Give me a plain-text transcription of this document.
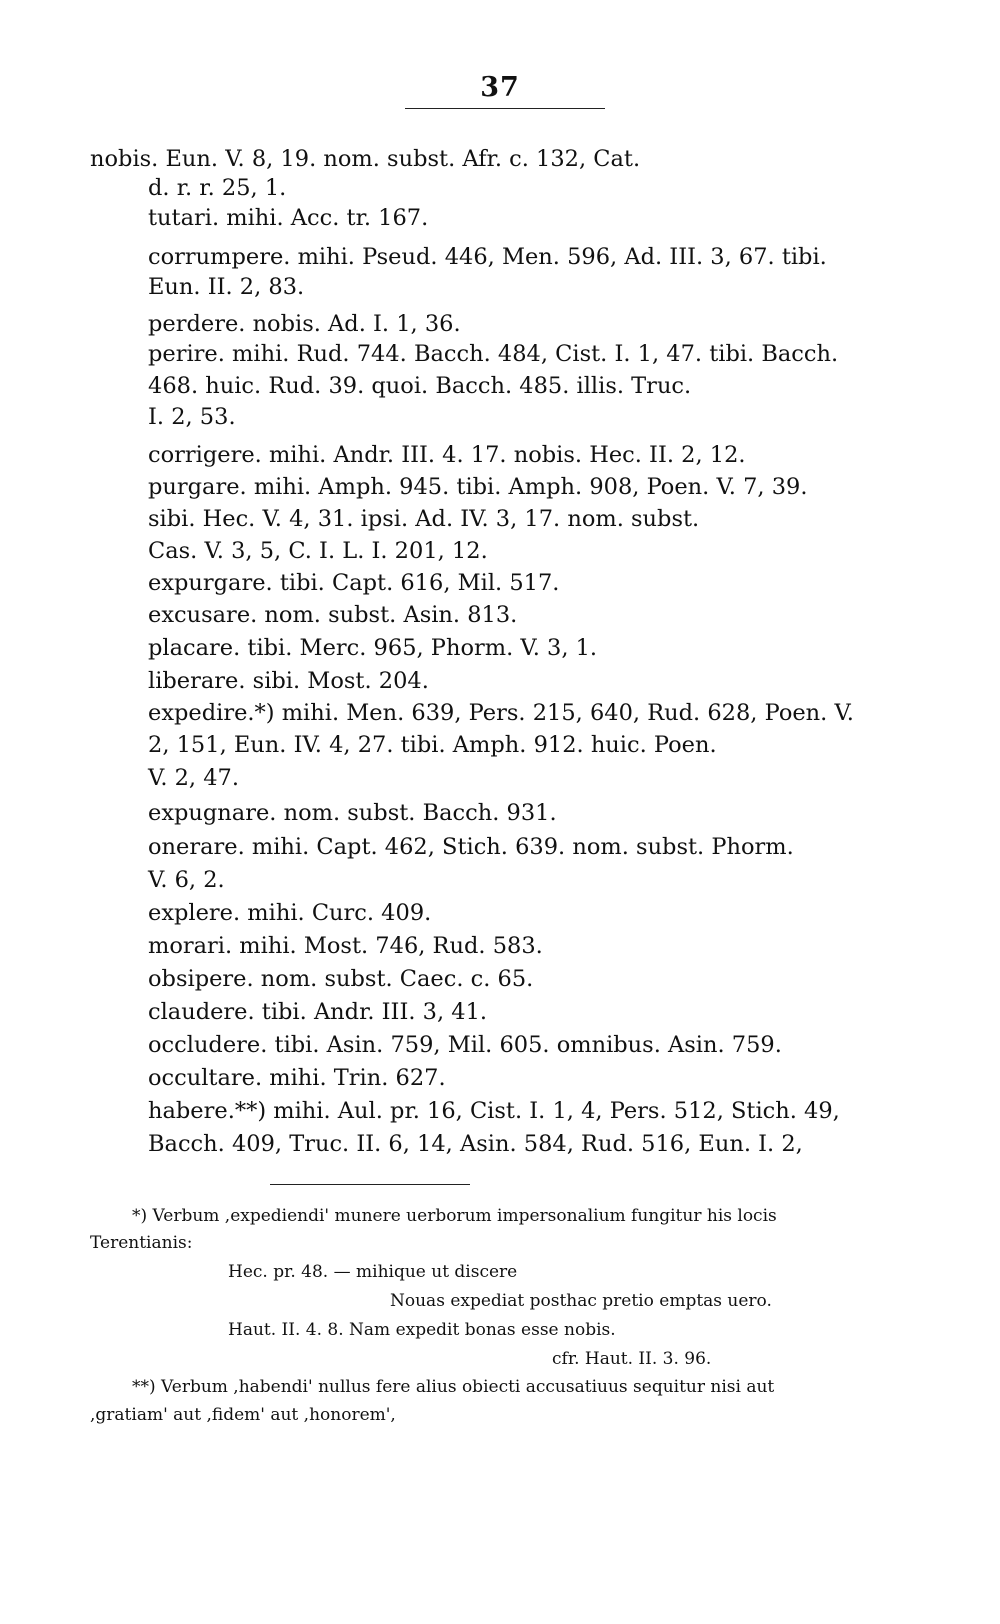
37
nobis. Eun. V. 8, 19. nom. subst. Afr. c. 132, Cat.
d. r. r. 25, 1.
tutari. mihi. Acc. tr. 167.
corrumpere. mihi. Pseud. 446, Men. 596, Ad. III. 3, 67. tibi.
Eun. II. 2, 83.
perdere. nobis. Ad. I. 1, 36.
perire. mihi. Rud. 744. Bacch. 484, Cist. I. 1, 47. tibi. Bacch.
468. huic. Rud. 39. quoi. Bacch. 485. illis. Truc.
I. 2, 53.
corrigere. mihi. Andr. III. 4. 17. nobis. Hec. II. 2, 12.
purgare. mihi. Amph. 945. tibi. Amph. 908, Poen. V. 7, 39.
sibi. Hec. V. 4, 31. ipsi. Ad. IV. 3, 17. nom. subst.
Cas. V. 3, 5, C. I. L. I. 201, 12.
expurgare. tibi. Capt. 616, Mil. 517.
excusare. nom. subst. Asin. 813.
placare. tibi. Merc. 965, Phorm. V. 3, 1.
liberare. sibi. Most. 204.
expedire.*) mihi. Men. 639, Pers. 215, 640, Rud. 628, Poen. V.
2, 151, Eun. IV. 4, 27. tibi. Amph. 912. huic. Poen.
V. 2, 47.
expugnare. nom. subst. Bacch. 931.
onerare. mihi. Capt. 462, Stich. 639. nom. subst. Phorm.
V. 6, 2.
explere. mihi. Curc. 409.
morari. mihi. Most. 746, Rud. 583.
obsipere. nom. subst. Caec. c. 65.
claudere. tibi. Andr. III. 3, 41.
occludere. tibi. Asin. 759, Mil. 605. omnibus. Asin. 759.
occultare. mihi. Trin. 627.
habere.**) mihi. Aul. pr. 16, Cist. I. 1, 4, Pers. 512, Stich. 49,
Bacch. 409, Truc. II. 6, 14, Asin. 584, Rud. 516, Eun. I. 2,
*) Verbum ,expediendi' munere uerborum impersonalium fungitur his locis
Terentianis:
Hec. pr. 48. — mihique ut discere
Nouas expediat posthac pretio emptas uero.
Haut. II. 4. 8. Nam expedit bonas esse nobis.
cfr. Haut. II. 3. 96.
**) Verbum ,habendi' nullus fere alius obiecti accusatiuus sequitur nisi aut
,gratiam' aut ,fidem' aut ,honorem',
